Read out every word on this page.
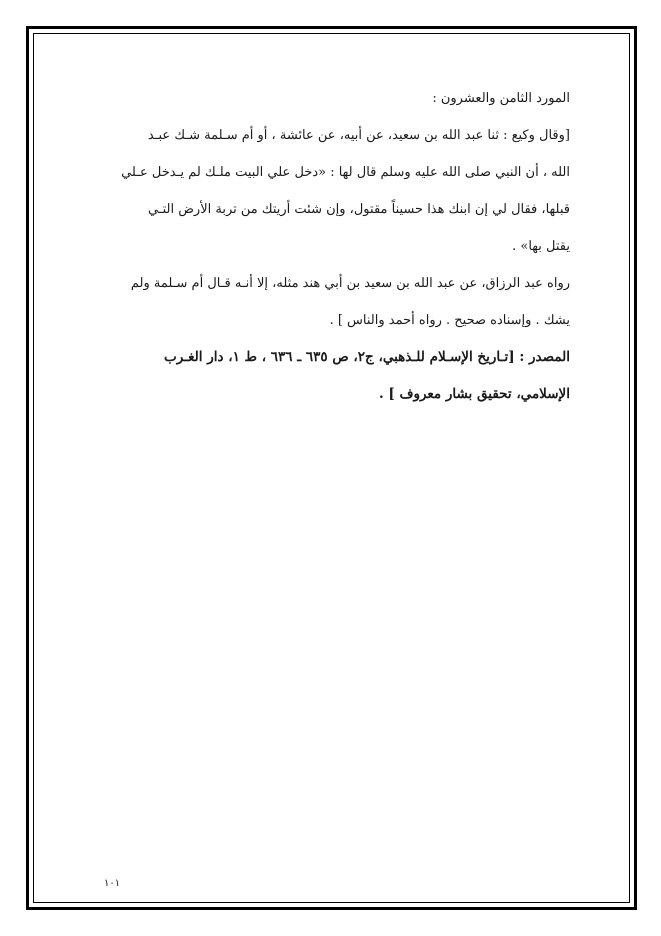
المورد الثامن والعشرون :
[وقال وكيع : ثنا عبد الله بن سعيد، عن أبيه، عن عائشة ، أو أم سـلمة شـك عبـد
الله ، أن النبي صلى الله عليه وسلم قال لها : «دخل علي البيت ملـك لم يـدخل عـلي
قبلها، فقال لي إن ابنك هذا حسيناً مقتول، وإن شئت أريتك من تربة الأرض التـي
يقتل بها» .
رواه عبد الرزاق، عن عبد الله بن سعيد بن أبي هند مثله، إلا أنـه قـال أم سـلمة ولم
يشك . وإسناده صحيح . رواه أحمد والناس ] .
المصدر : [تـاريخ الإسـلام للـذهبي، ج٢، ص ٦٣٥ ـ ٦٣٦ ، ط ١، دار الغـرب
الإسلامي، تحقيق بشار معروف ] .
١٠١
